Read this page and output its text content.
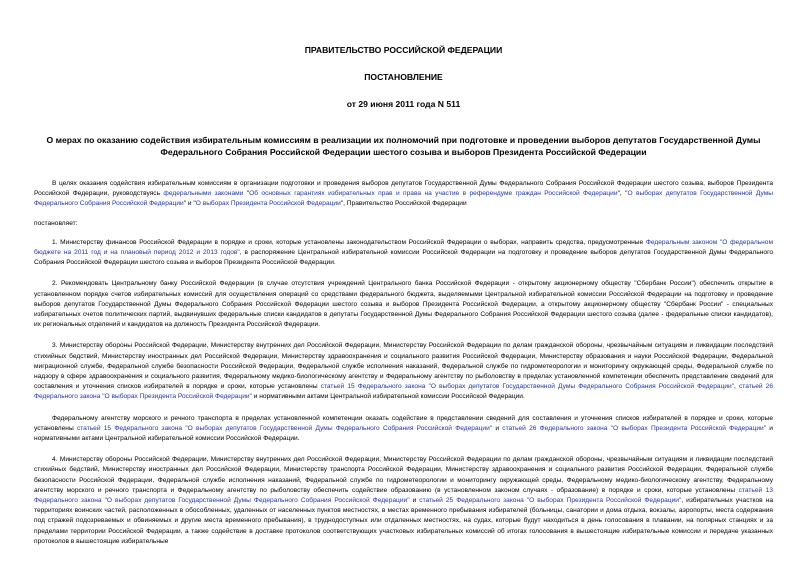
ПРАВИТЕЛЬСТВО РОССИЙСКОЙ ФЕДЕРАЦИИ
ПОСТАНОВЛЕНИЕ
от 29 июня 2011 года N 511
О мерах по оказанию содействия избирательным комиссиям в реализации их полномочий при подготовке и проведении выборов депутатов Государственной Думы Федерального Собрания Российской Федерации шестого созыва и выборов Президента Российской Федерации

В целях оказания содействия избирательным комиссиям в организации подготовки и проведения выборов депутатов Государственной Думы Федерального Собрания Российской Федерации шестого созыва, выборов Президента Российской Федерации, руководствуясь федеральными законами "Об основных гарантиях избирательных прав и права на участие в референдуме граждан Российской Федерации", "О выборах депутатов Государственной Думы Федерального Собрания Российской Федерации" и "О выборах Президента Российской Федерации", Правительство Российской Федерации

постановляет:

1. Министерству финансов Российской Федерации в порядке и сроки, которые установлены законодательством Российской Федерации о выборах, направить средства, предусмотренные Федеральным законом "О федеральном бюджете на 2011 год и на плановый период 2012 и 2013 годов", в распоряжение Центральной избирательной комиссии Российской Федерации на подготовку и проведение выборов депутатов Государственной Думы Федерального Собрания Российской Федерации шестого созыва и выборов Президента Российской Федерации.

2. Рекомендовать Центральному банку Российской Федерации (в случае отсутствия учреждений Центрального банка Российской Федерации - открытому акционерному обществу "Сбербанк России") обеспечить открытие в установленном порядке счетов избирательных комиссий для осуществления операций со средствами федерального бюджета, выделяемыми Центральной избирательной комиссии Российской Федерации на подготовку и проведение выборов депутатов Государственной Думы Федерального Собрания Российской Федерации шестого созыва и выборов Президента Российской Федерации, а открытому акционерному обществу "Сбербанк России" - специальных избирательных счетов политических партий, выдвинувших федеральные списки кандидатов в депутаты Государственной Думы Федерального Собрания Российской Федерации шестого созыва (далее - федеральные списки кандидатов), их региональных отделений и кандидатов на должность Президента Российской Федерации.

3. Министерству обороны Российской Федерации, Министерству внутренних дел Российской Федерации, Министерству Российской Федерации по делам гражданской обороны, чрезвычайным ситуациям и ликвидации последствий стихийных бедствий, Министерству иностранных дел Российской Федерации, Министерству здравоохранения и социального развития Российской Федерации, Министерству образования и науки Российской Федерации, Федеральной миграционной службе, Федеральной службе безопасности Российской Федерации, Федеральной службе исполнения наказаний, Федеральной службе по гидрометеорологии и мониторингу окружающей среды, Федеральной службе по надзору в сфере здравоохранения и социального развития, Федеральному медико-биологическому агентству и Федеральному агентству по рыболовству в пределах установленной компетенции обеспечить представление сведений для составления и уточнения списков избирателей в порядке и сроки, которые установлены статьей 15 Федерального закона "О выборах депутатов Государственной Думы Федерального Собрания Российской Федерации", статьей 26 Федерального закона "О выборах Президента Российской Федерации" и нормативными актами Центральной избирательной комиссии Российской Федерации.

Федеральному агентству морского и речного транспорта в пределах установленной компетенции оказать содействие в представлении сведений для составления и уточнения списков избирателей в порядке и сроки, которые установлены статьей 15 Федерального закона "О выборах депутатов Государственной Думы Федерального Собрания Российской Федерации" и статьей 26 Федерального закона "О выборах Президента Российской Федерации" и нормативными актами Центральной избирательной комиссии Российской Федерации.

4. Министерству обороны Российской Федерации, Министерству внутренних дел Российской Федерации, Министерству Российской Федерации по делам гражданской обороны, чрезвычайным ситуациям и ликвидации последствий стихийных бедствий, Министерству иностранных дел Российской Федерации, Министерству транспорта Российской Федерации, Министерству здравоохранения и социального развития Российской Федерации, Федеральной службе безопасности Российской Федерации, Федеральной службе исполнения наказаний, Федеральной службе по гидрометеорологии и мониторингу окружающей среды, Федеральному медико-биологическому агентству, Федеральному агентству морского и речного транспорта и Федеральному агентству по рыболовству обеспечить содействие образованию (в установленном законом случаях - образование) в порядке и сроки, которые установлены статьей 13 Федерального закона "О выборах депутатов Государственной Думы Федерального Собрания Российской Федерации" и статьей 25 Федерального закона "О выборах Президента Российской Федерации", избирательных участков на территориях воинских частей, расположенных в обособленных, удаленных от населенных пунктов местностях, в местах временного пребывания избирателей (больницы, санатории и дома отдыха, вокзалы, аэропорты, места содержания под стражей подозреваемых и обвиняемых и другие места временного пребывания), в труднодоступных или отдаленных местностях, на судах, которые будут находиться в день голосования в плавании, на полярных станциях и за пределами территории Российской Федерации, а также содействие в доставке протоколов соответствующих участковых избирательных комиссий об итогах голосования в вышестоящие избирательные комиссии и передаче указанных протоколов в вышестоящие избирательные
